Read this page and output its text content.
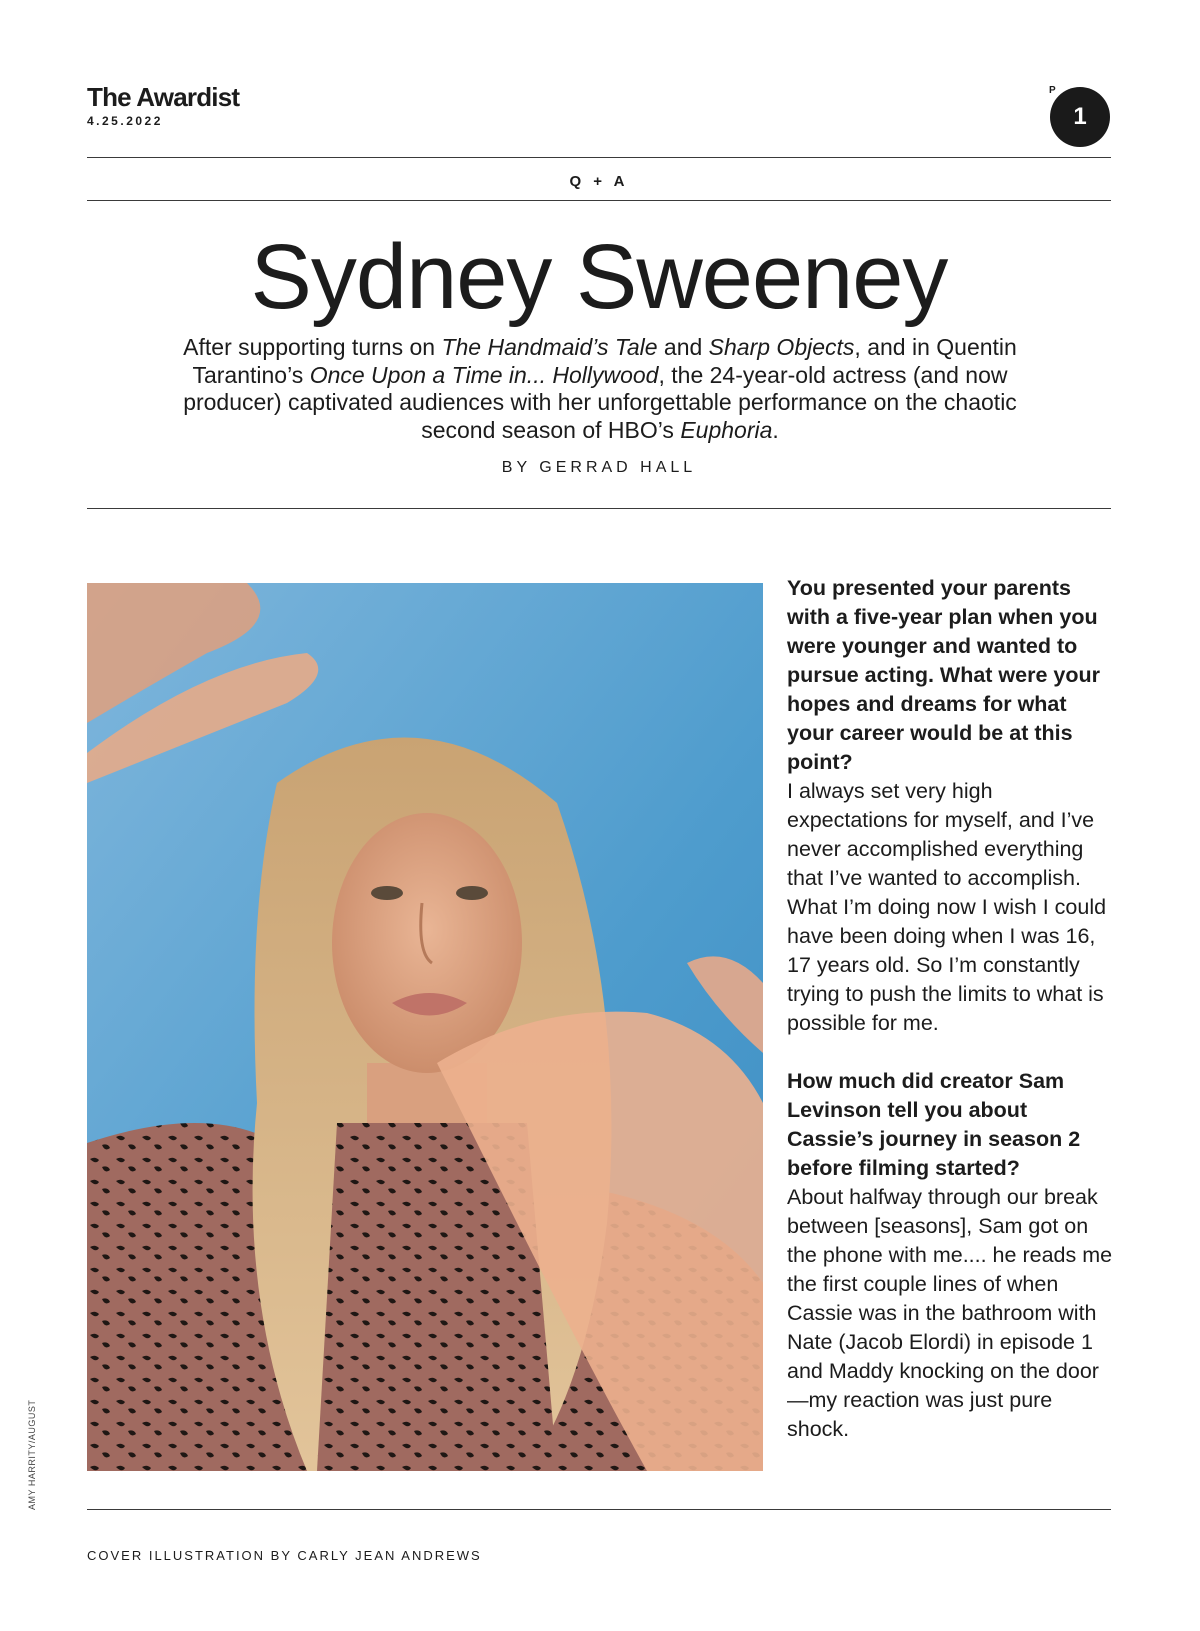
The Awardist
4.25.2022
P
1
Q + A
Sydney Sweeney
After supporting turns on The Handmaid’s Tale and Sharp Objects, and in Quentin Tarantino’s Once Upon a Time in... Hollywood, the 24-year-old actress (and now producer) captivated audiences with her unforgettable performance on the chaotic second season of HBO’s Euphoria.
BY GERRAD HALL
AMY HARRITY/AUGUST

You presented your parents with a five-year plan when you were younger and wanted to pursue acting. What were your hopes and dreams for what your career would be at this point?

I always set very high expectations for myself, and I’ve never accomplished everything that I’ve wanted to accomplish. What I’m doing now I wish I could have been doing when I was 16, 17 years old. So I’m constantly trying to push the limits to what is possible for me.

How much did creator Sam Levinson tell you about Cassie’s journey in season 2 before filming started?

About halfway through our break between [seasons], Sam got on the phone with me.... he reads me the first couple lines of when Cassie was in the bathroom with Nate (Jacob Elordi) in episode 1 and Maddy knocking on the door—my reaction was just pure shock.

COVER ILLUSTRATION BY CARLY JEAN ANDREWS
